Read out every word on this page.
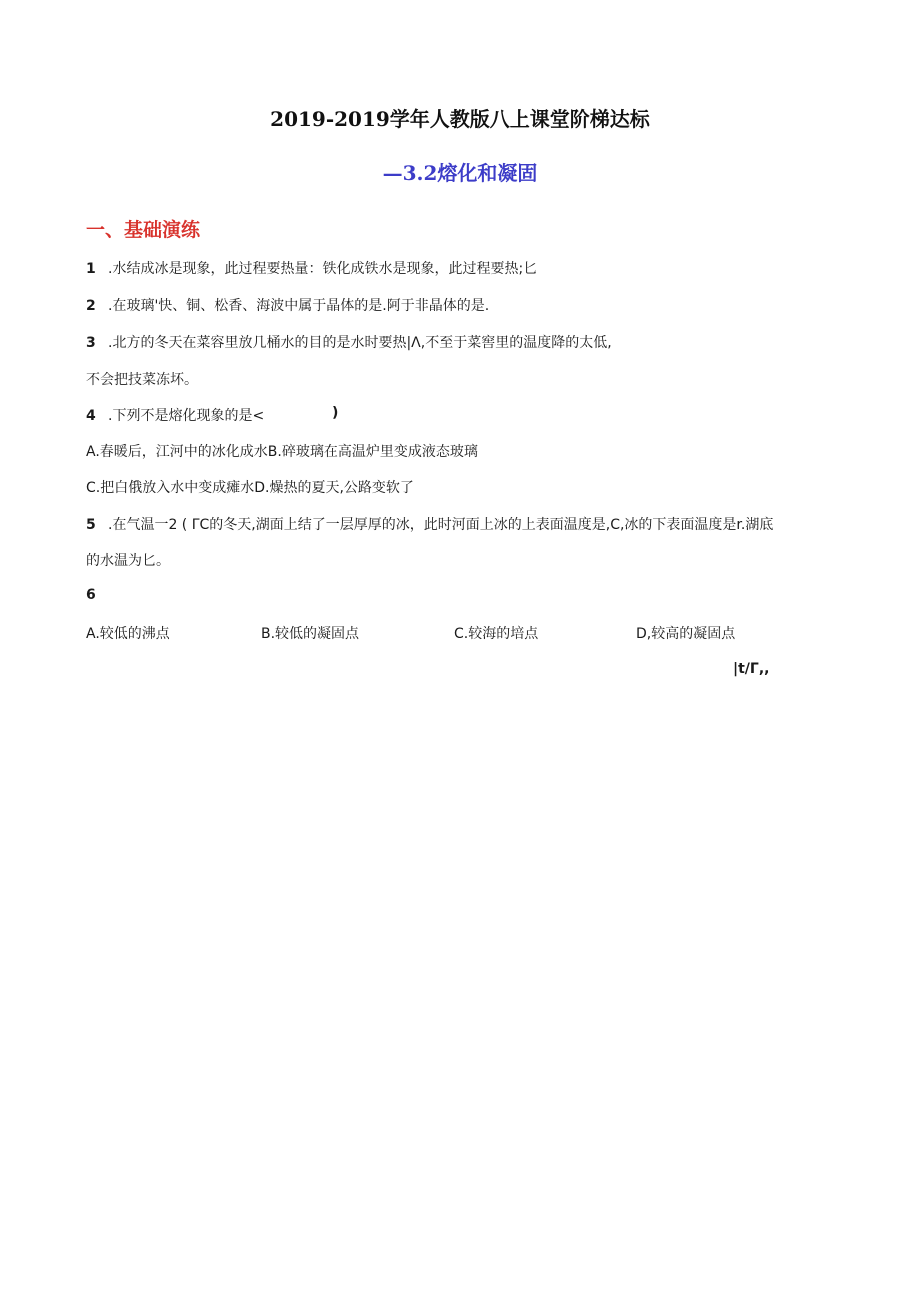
2019-2019学年人教版八上课堂阶梯达标
—3.2熔化和凝固
一、基础演练
1 .水结成冰是现象，此过程要热量：铁化成铁水是现象，此过程要热;匕
2 .在玻璃'快、铜、松香、海波中属于晶体的是.阿于非晶体的是.
3 .北方的冬天在菜容里放几桶水的目的是水时要热|Λ,不至于菜窖里的温度降的太低,
不会把技菜冻坏。
4 .下列不是熔化现象的是<	)
A.春暖后，江河中的冰化成水B.碎玻璃在高温炉里变成液态玻璃
C.把白俄放入水中变成瘫水D.燥热的夏天,公路变软了
5 .在气温一2 ( ΓC的冬天,湖面上结了一层厚厚的冰，此时河面上冰的上表面温度是,C,冰的下表面温度是r.湖底
的水温为匕。
6
A.较低的沸点	B.较低的凝固点	C.较海的培点	D,较高的凝固点
|t/Γ,,
